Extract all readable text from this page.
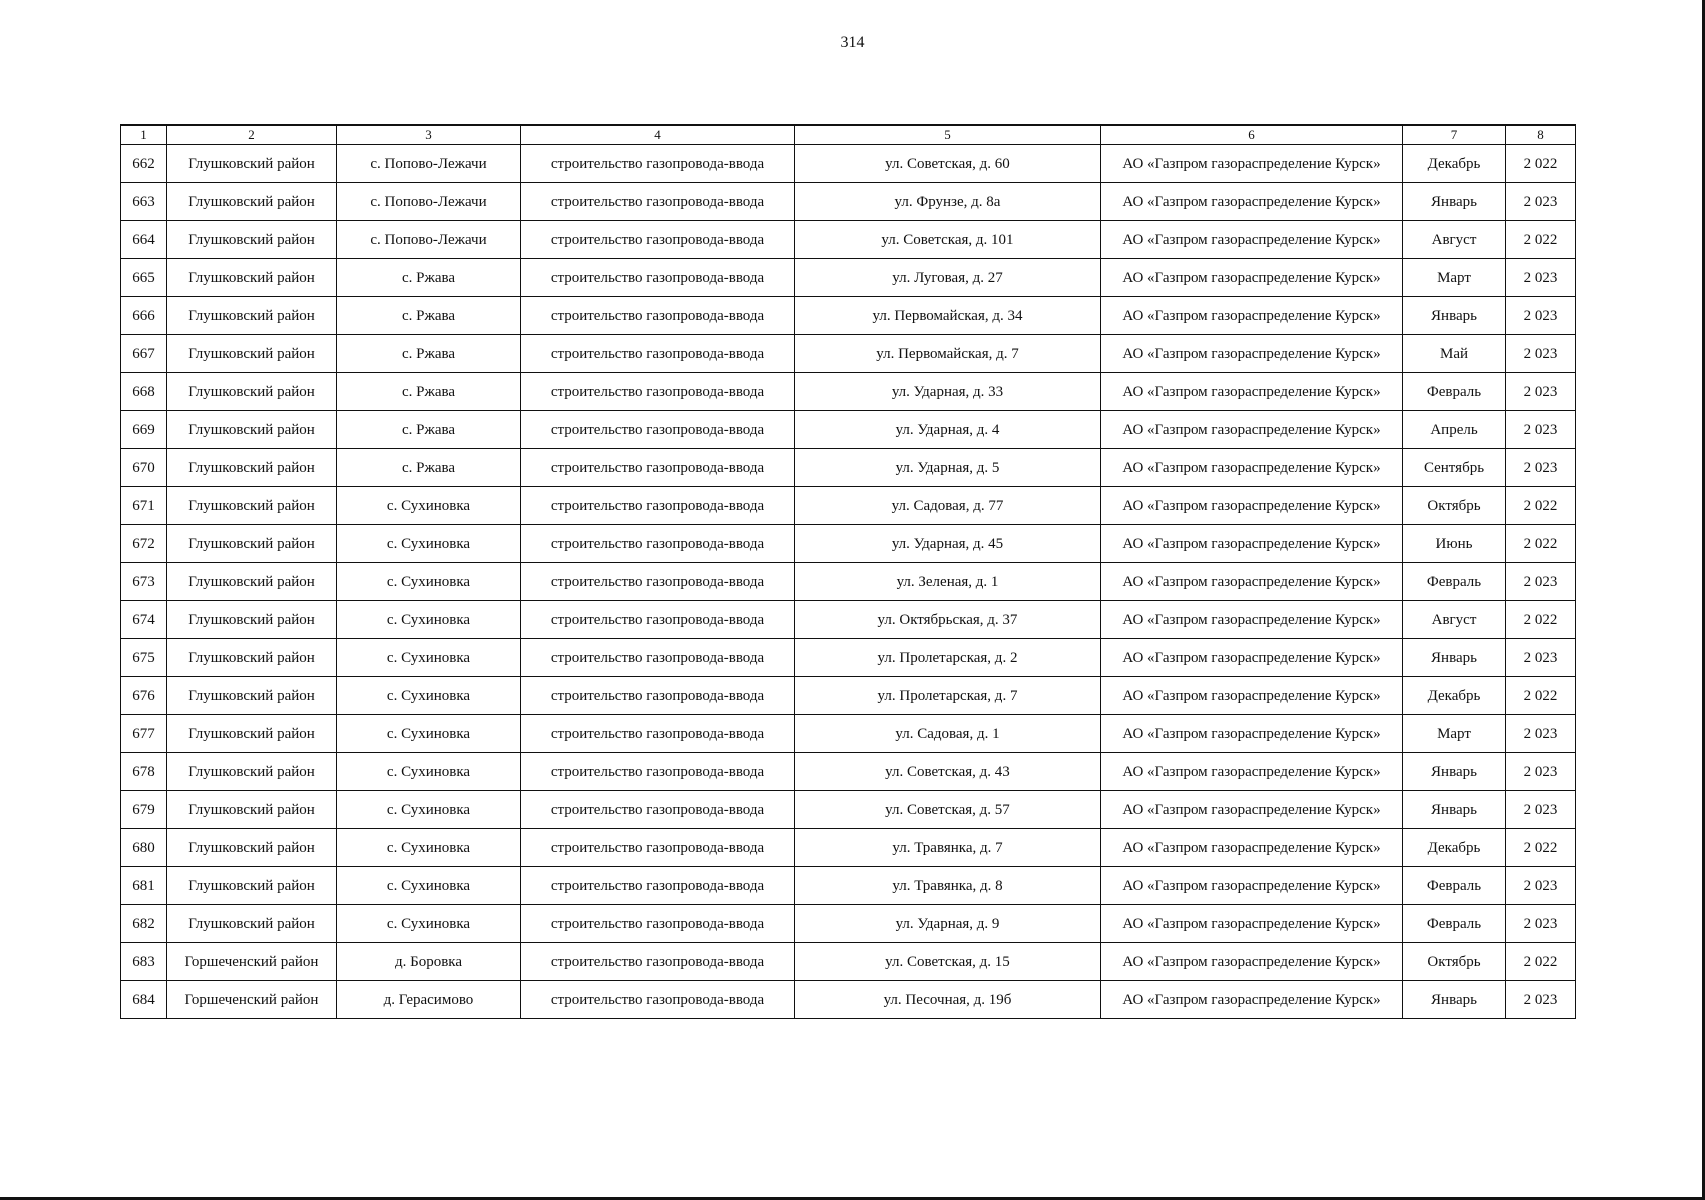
314
1	2	3	4	5	6	7	8
662	Глушковский район	с. Попово-Лежачи	строительство газопровода-ввода	ул. Советская, д. 60	АО «Газпром газораспределение Курск»	Декабрь	2 022
663	Глушковский район	с. Попово-Лежачи	строительство газопровода-ввода	ул. Фрунзе, д. 8а	АО «Газпром газораспределение Курск»	Январь	2 023
664	Глушковский район	с. Попово-Лежачи	строительство газопровода-ввода	ул. Советская, д. 101	АО «Газпром газораспределение Курск»	Август	2 022
665	Глушковский район	с. Ржава	строительство газопровода-ввода	ул. Луговая, д. 27	АО «Газпром газораспределение Курск»	Март	2 023
666	Глушковский район	с. Ржава	строительство газопровода-ввода	ул. Первомайская, д. 34	АО «Газпром газораспределение Курск»	Январь	2 023
667	Глушковский район	с. Ржава	строительство газопровода-ввода	ул. Первомайская, д. 7	АО «Газпром газораспределение Курск»	Май	2 023
668	Глушковский район	с. Ржава	строительство газопровода-ввода	ул. Ударная, д. 33	АО «Газпром газораспределение Курск»	Февраль	2 023
669	Глушковский район	с. Ржава	строительство газопровода-ввода	ул. Ударная, д. 4	АО «Газпром газораспределение Курск»	Апрель	2 023
670	Глушковский район	с. Ржава	строительство газопровода-ввода	ул. Ударная, д. 5	АО «Газпром газораспределение Курск»	Сентябрь	2 023
671	Глушковский район	с. Сухиновка	строительство газопровода-ввода	ул. Садовая, д. 77	АО «Газпром газораспределение Курск»	Октябрь	2 022
672	Глушковский район	с. Сухиновка	строительство газопровода-ввода	ул. Ударная, д. 45	АО «Газпром газораспределение Курск»	Июнь	2 022
673	Глушковский район	с. Сухиновка	строительство газопровода-ввода	ул. Зеленая, д. 1	АО «Газпром газораспределение Курск»	Февраль	2 023
674	Глушковский район	с. Сухиновка	строительство газопровода-ввода	ул. Октябрьская, д. 37	АО «Газпром газораспределение Курск»	Август	2 022
675	Глушковский район	с. Сухиновка	строительство газопровода-ввода	ул. Пролетарская, д. 2	АО «Газпром газораспределение Курск»	Январь	2 023
676	Глушковский район	с. Сухиновка	строительство газопровода-ввода	ул. Пролетарская, д. 7	АО «Газпром газораспределение Курск»	Декабрь	2 022
677	Глушковский район	с. Сухиновка	строительство газопровода-ввода	ул. Садовая, д. 1	АО «Газпром газораспределение Курск»	Март	2 023
678	Глушковский район	с. Сухиновка	строительство газопровода-ввода	ул. Советская, д. 43	АО «Газпром газораспределение Курск»	Январь	2 023
679	Глушковский район	с. Сухиновка	строительство газопровода-ввода	ул. Советская, д. 57	АО «Газпром газораспределение Курск»	Январь	2 023
680	Глушковский район	с. Сухиновка	строительство газопровода-ввода	ул. Травянка, д. 7	АО «Газпром газораспределение Курск»	Декабрь	2 022
681	Глушковский район	с. Сухиновка	строительство газопровода-ввода	ул. Травянка, д. 8	АО «Газпром газораспределение Курск»	Февраль	2 023
682	Глушковский район	с. Сухиновка	строительство газопровода-ввода	ул. Ударная, д. 9	АО «Газпром газораспределение Курск»	Февраль	2 023
683	Горшеченский район	д. Боровка	строительство газопровода-ввода	ул. Советская, д. 15	АО «Газпром газораспределение Курск»	Октябрь	2 022
684	Горшеченский район	д. Герасимово	строительство газопровода-ввода	ул. Песочная, д. 19б	АО «Газпром газораспределение Курск»	Январь	2 023
